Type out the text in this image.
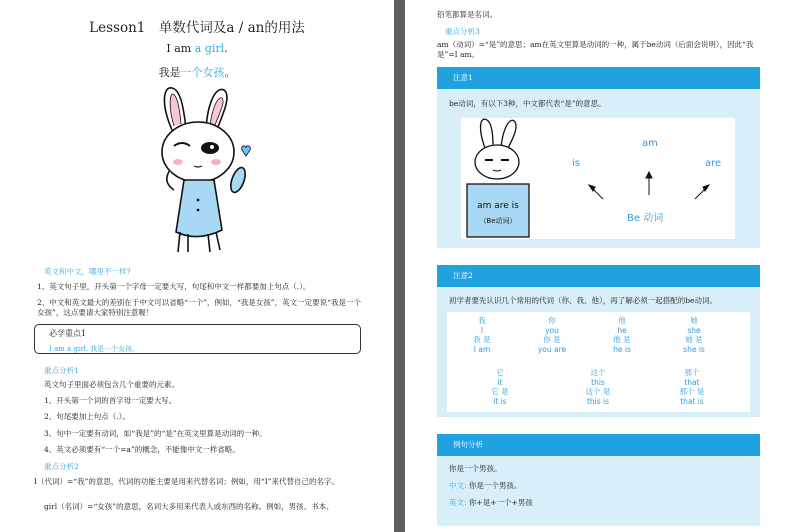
Lesson1　单数代词及a / an的用法
I am a girl.
我是一个女孩。
英文和中文，哪里不一样?
1、英文句子里，开头第一个字母一定要大写，句尾和中文一样都要加上句点（.）。
2、中文和英文最大的差别在于中文可以省略“一个”，例如，“我是女孩”，英文一定要说“我是一个女孩”，这点要请大家特别注意喔！
必学重点1
I am a girl. 我是一个女孩。
重点分析1
英文句子里面必须包含几个重要的元素。
1、开头第一个词的首字母一定要大写。
2、句尾要加上句点（.）。
3、句中一定要有动词，如“我是”的“是”在英文里算是动词的一种。
4、英文必须要有“一个=a”的概念，不能像中文一样省略。
重点分析2
I（代词）=“我”的意思，代词的功能主要是用来代替名词；例如，用“I”来代替自己的名字。
girl（名词）=“女孩”的意思，名词大多用来代表人或东西的名称。例如，男孩、书本、
铅笔都算是名词。
重点分析3
am（动词）=“是”的意思；am在英文里算是动词的一种，属于be动词（后面会说明），因此“我是”=I am。
注意1
be动词，有以下3种，中文都代表“是”的意思。
am are is
（Be动词）
am
is	are
Be 动词
注意2
初学者要先认识几个常用的代词（你、我、他），再了解必须一起搭配的be动词。
我
I
我 是
I am
你
you
你 是
you are
他
he
他 是
he is
她
she
她 是
she is
它
it
它 是
it is
这个
this
这个 是
this is
那个
that
那个 是
that is
例句分析
你是一个男孩。
中文: 你是一个男孩。
英文: 你+是+一个+男孩
